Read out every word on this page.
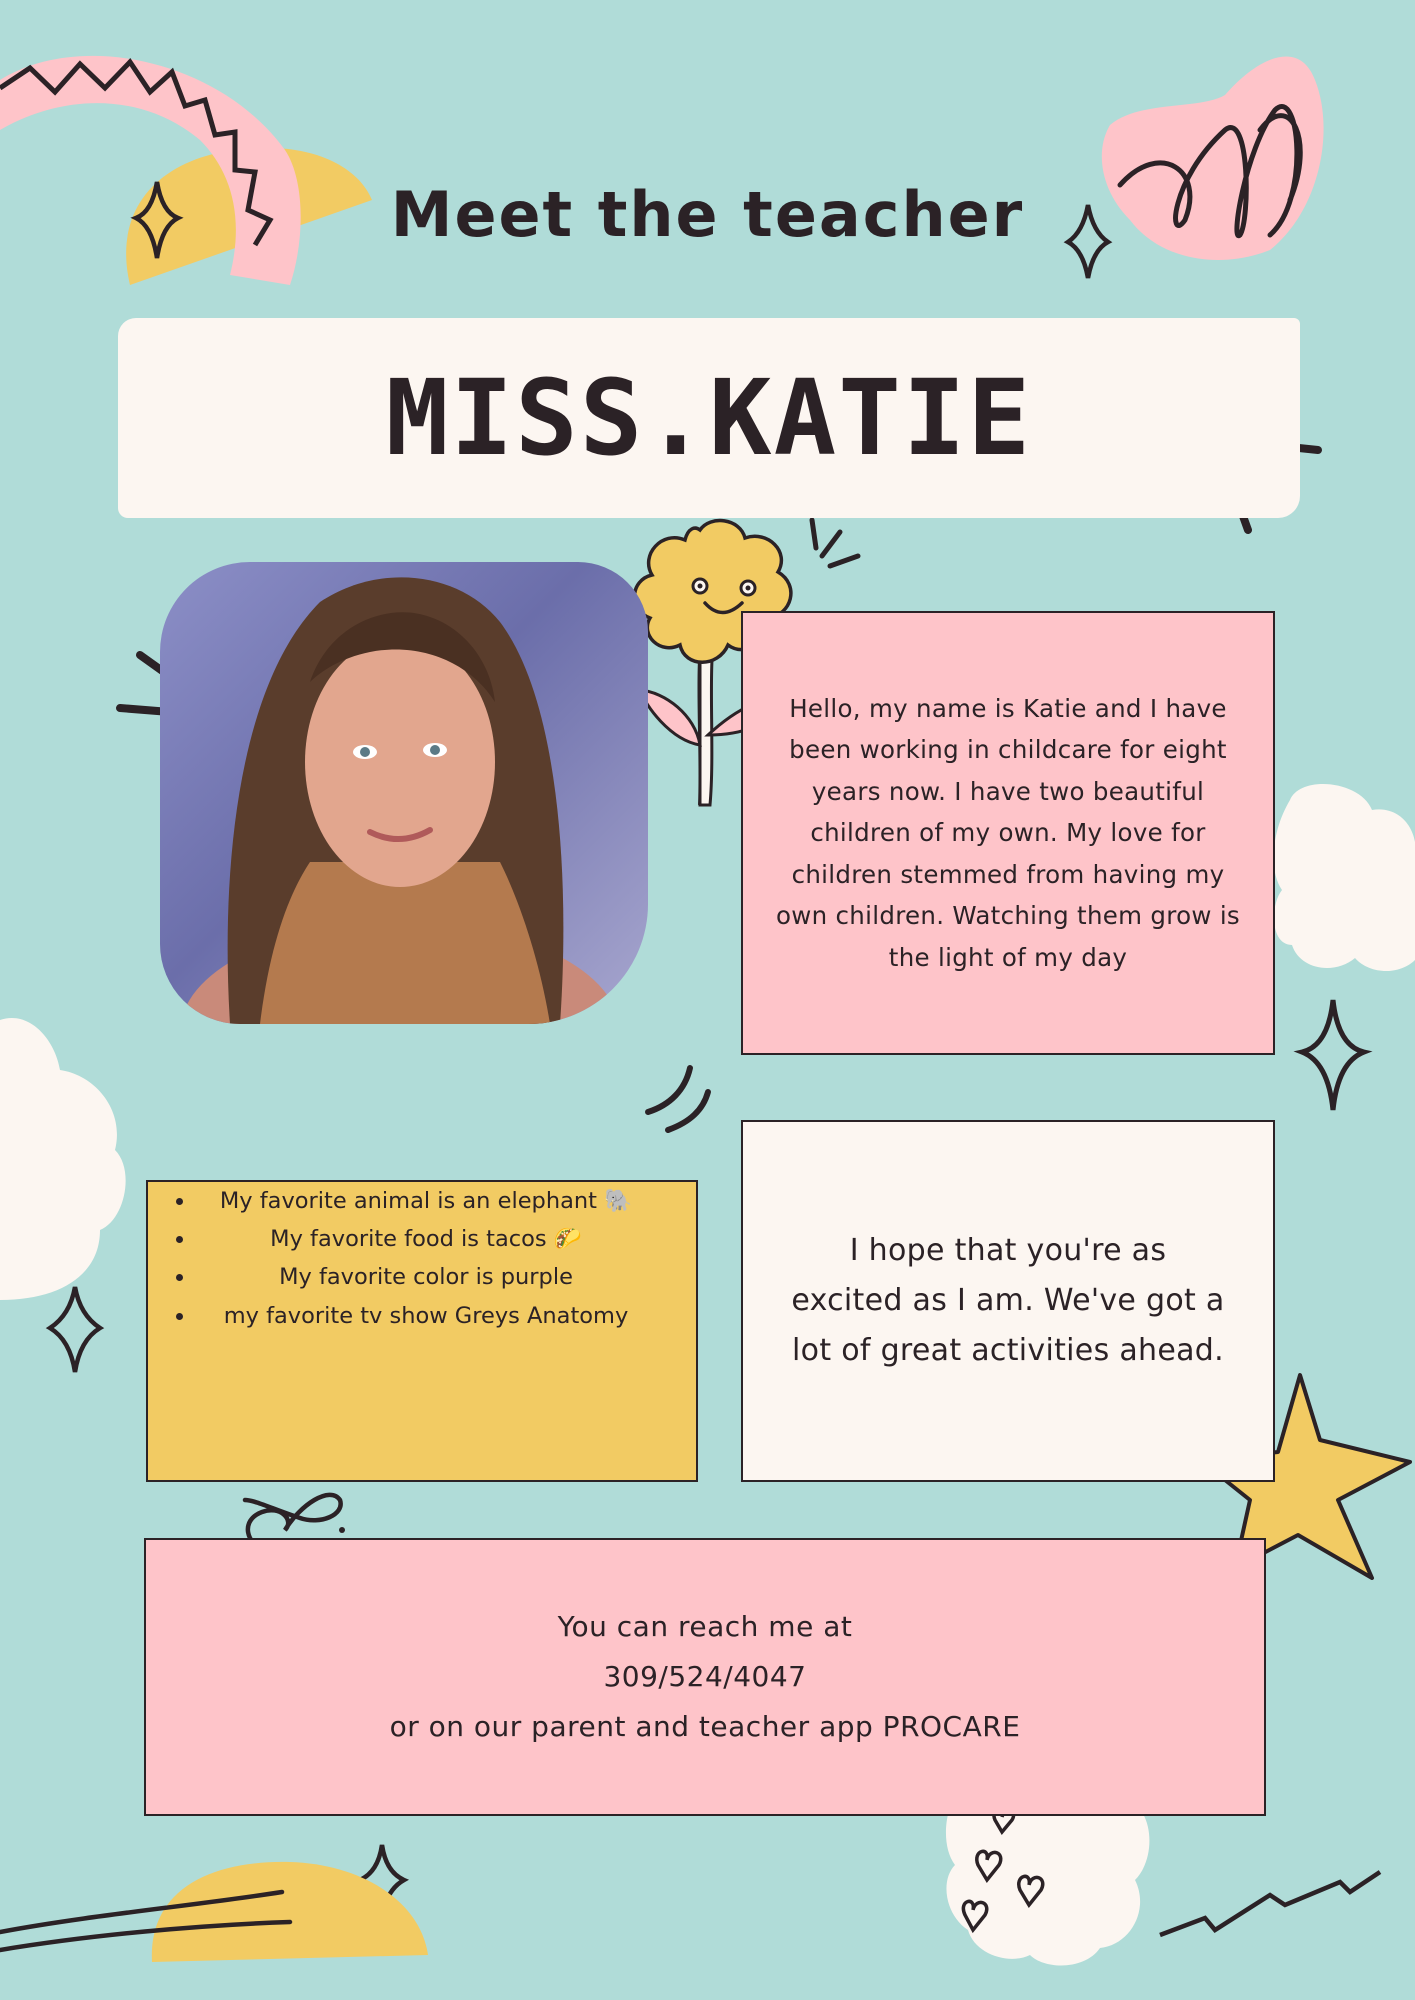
Meet the teacher
MISS.KATIE

Hello, my name is Katie and I have been working in childcare for eight years now. I have two beautiful children of my own. My love for children stemmed from having my own children. Watching them grow is the light of my day

• My favorite animal is an elephant 🐘
• My favorite food is tacos 🌮
• My favorite color is purple
• my favorite tv show Greys Anatomy

I hope that you're as excited as I am. We've got a lot of great activities ahead.

You can reach me at
309/524/4047
or on our parent and teacher app PROCARE
